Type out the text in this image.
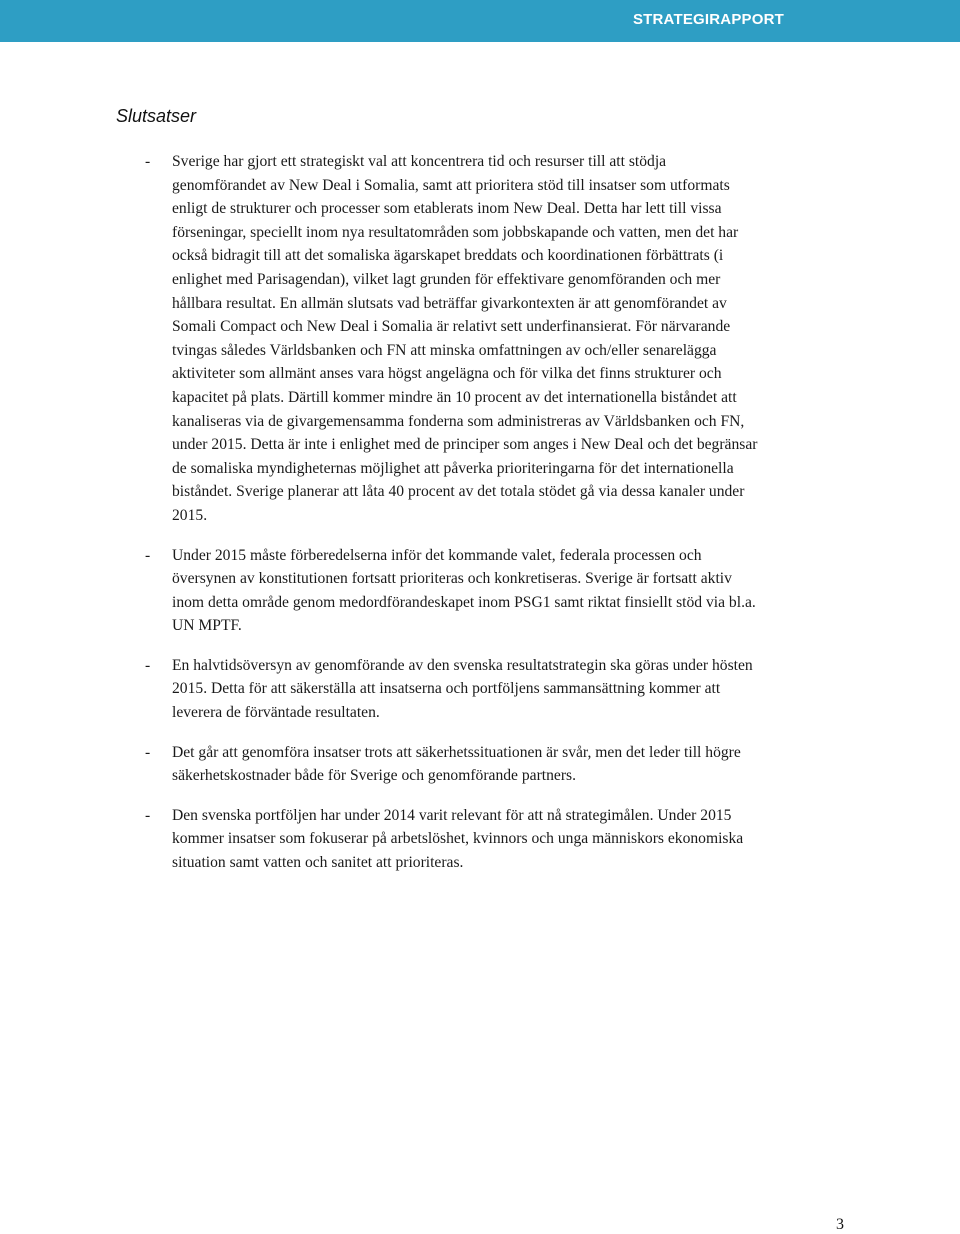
STRATEGIRAPPORT
Slutsatser
- Sverige har gjort ett strategiskt val att koncentrera tid och resurser till att stödja
genomförandet av New Deal i Somalia, samt att prioritera stöd till insatser som utformats
enligt de strukturer och processer som etablerats inom New Deal. Detta har lett till vissa
förseningar, speciellt inom nya resultatområden som jobbskapande och vatten, men det har
också bidragit till att det somaliska ägarskapet breddats och koordinationen förbättrats (i
enlighet med Parisagendan), vilket lagt grunden för effektivare genomföranden och mer
hållbara resultat. En allmän slutsats vad beträffar givarkontexten är att genomförandet av
Somali Compact och New Deal i Somalia är relativt sett underfinansierat. För närvarande
tvingas således Världsbanken och FN att minska omfattningen av och/eller senarelägga
aktiviteter som allmänt anses vara högst angelägna och för vilka det finns strukturer och
kapacitet på plats. Därtill kommer mindre än 10 procent av det internationella biståndet att
kanaliseras via de givargemensamma fonderna som administreras av Världsbanken och FN,
under 2015. Detta är inte i enlighet med de principer som anges i New Deal och det begränsar
de somaliska myndigheternas möjlighet att påverka prioriteringarna för det internationella
biståndet. Sverige planerar att låta 40 procent av det totala stödet gå via dessa kanaler under
2015.
- Under 2015 måste förberedelserna inför det kommande valet, federala processen och
översynen av konstitutionen fortsatt prioriteras och konkretiseras. Sverige är fortsatt aktiv
inom detta område genom medordförandeskapet inom PSG1 samt riktat finsiellt stöd via bl.a.
UN MPTF.
- En halvtidsöversyn av genomförande av den svenska resultatstrategin ska göras under hösten
2015. Detta för att säkerställa att insatserna och portföljens sammansättning kommer att
leverera de förväntade resultaten.
- Det går att genomföra insatser trots att säkerhetssituationen är svår, men det leder till högre
säkerhetskostnader både för Sverige och genomförande partners.
- Den svenska portföljen har under 2014 varit relevant för att nå strategimålen. Under 2015
kommer insatser som fokuserar på arbetslöshet, kvinnors och unga människors ekonomiska
situation samt vatten och sanitet att prioriteras.
3
